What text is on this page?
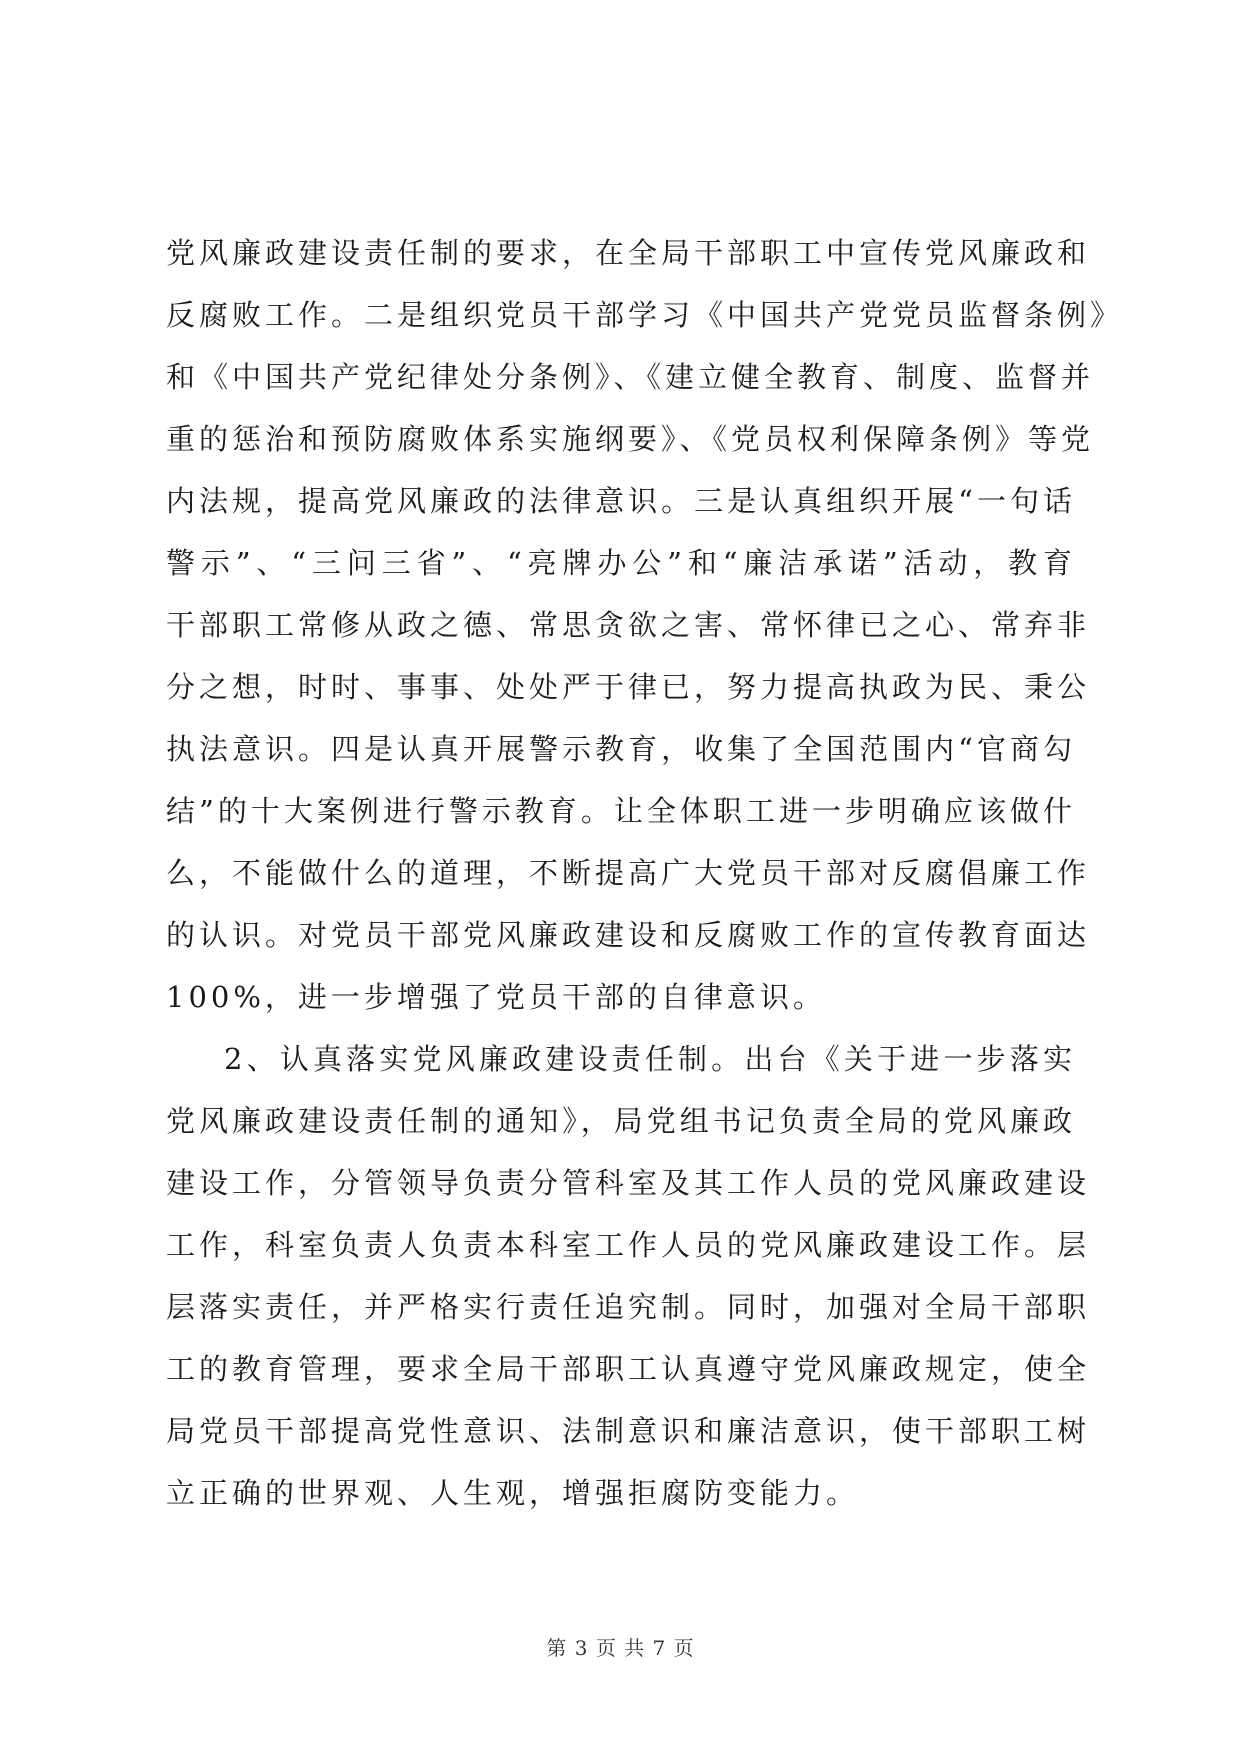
党风廉政建设责任制的要求，在全局干部职工中宣传党风廉政和
反腐败工作。二是组织党员干部学习《中国共产党党员监督条例》
和《中国共产党纪律处分条例》、《建立健全教育、制度、监督并
重的惩治和预防腐败体系实施纲要》、《党员权利保障条例》等党
内法规，提高党风廉政的法律意识。三是认真组织开展“一句话
警示”、“三问三省”、“亮牌办公”和“廉洁承诺”活动，教育
干部职工常修从政之德、常思贪欲之害、常怀律已之心、常弃非
分之想，时时、事事、处处严于律已，努力提高执政为民、秉公
执法意识。四是认真开展警示教育，收集了全国范围内“官商勾
结”的十大案例进行警示教育。让全体职工进一步明确应该做什
么，不能做什么的道理，不断提高广大党员干部对反腐倡廉工作
的认识。对党员干部党风廉政建设和反腐败工作的宣传教育面达
100%，进一步增强了党员干部的自律意识。
2、认真落实党风廉政建设责任制。出台《关于进一步落实
党风廉政建设责任制的通知》，局党组书记负责全局的党风廉政
建设工作，分管领导负责分管科室及其工作人员的党风廉政建设
工作，科室负责人负责本科室工作人员的党风廉政建设工作。层
层落实责任，并严格实行责任追究制。同时，加强对全局干部职
工的教育管理，要求全局干部职工认真遵守党风廉政规定，使全
局党员干部提高党性意识、法制意识和廉洁意识，使干部职工树
立正确的世界观、人生观，增强拒腐防变能力。
第 3 页 共 7 页
